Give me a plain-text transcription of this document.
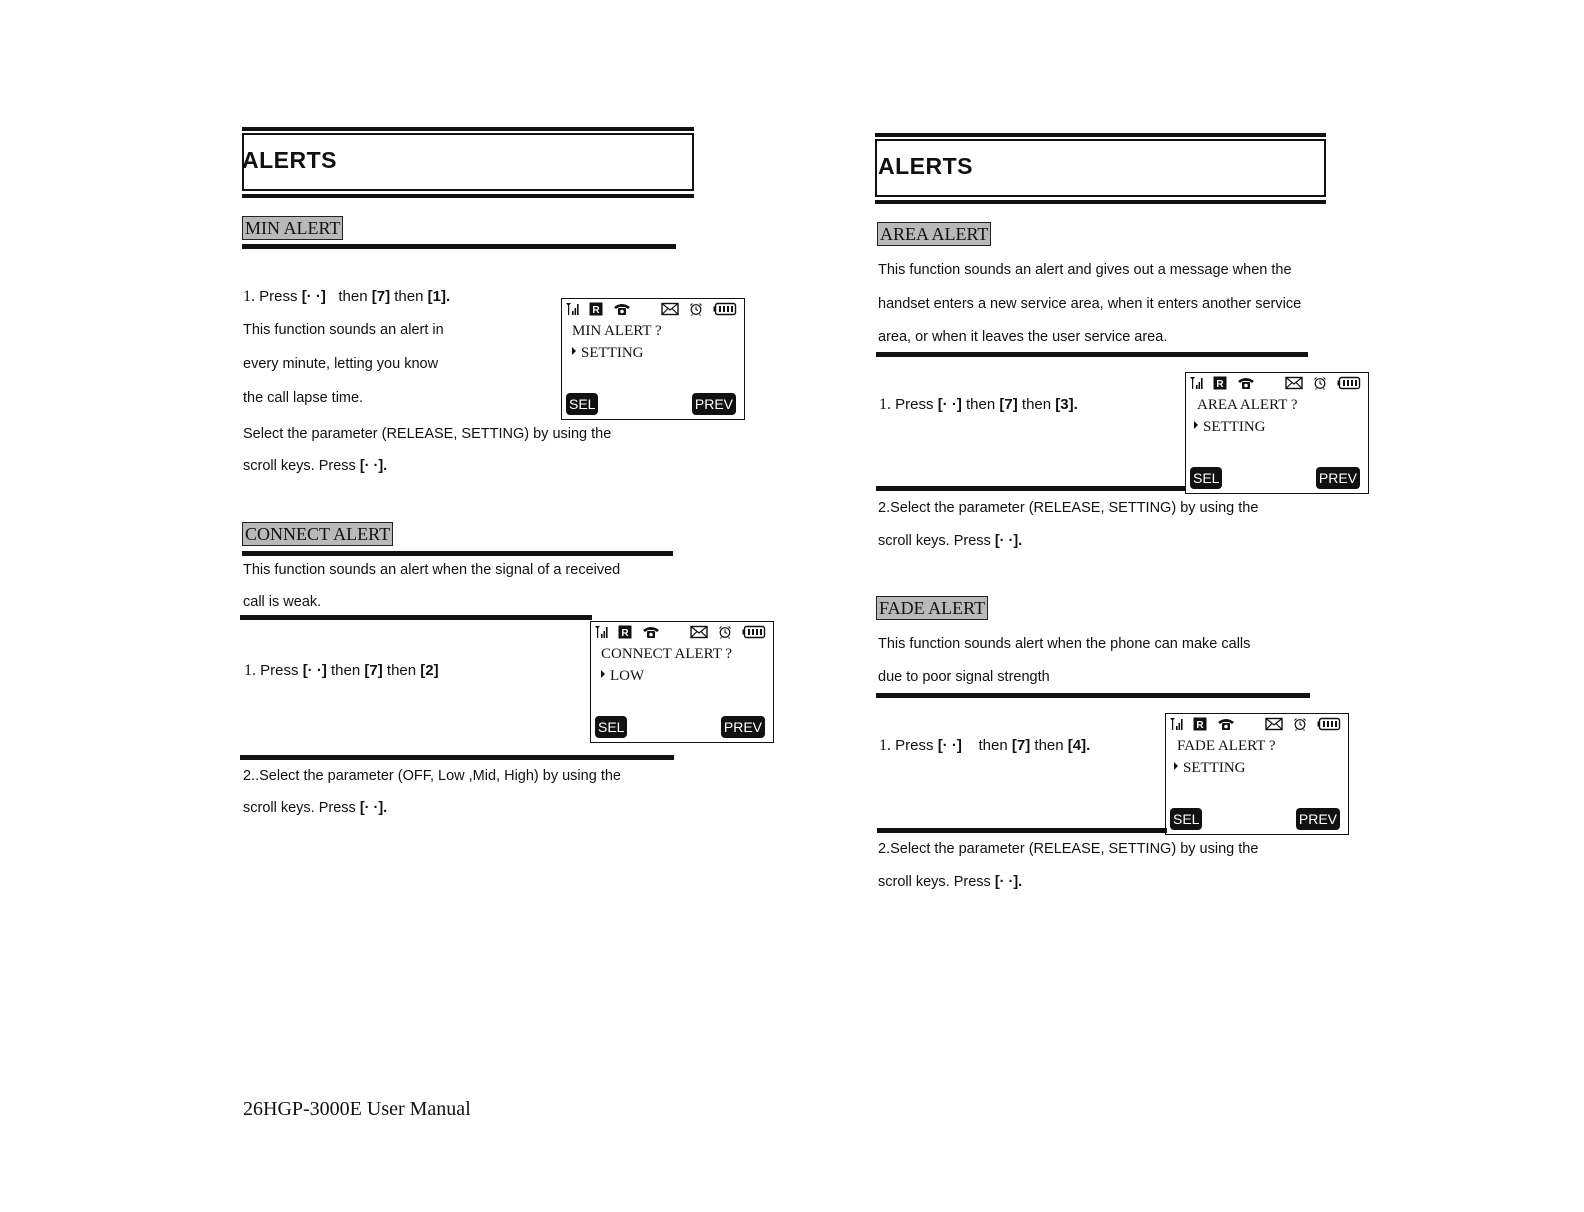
ALERTS
MIN ALERT
1. Press [· ·] then [7] then [1].
This function sounds an alert in
every minute, letting you know
the call lapse time.
Select the parameter (RELEASE, SETTING) by using the
scroll keys. Press [· ·].
MIN ALERT ?
SETTING
SEL	PREV
CONNECT ALERT
This function sounds an alert when the signal of a received
call is weak.
1. Press [· ·] then [7] then [2]
CONNECT ALERT ?
LOW
SEL	PREV
2..Select the parameter (OFF, Low ,Mid, High) by using the
scroll keys. Press [· ·].
26HGP-3000E User Manual
ALERTS
AREA ALERT
This function sounds an alert and gives out a message when the
handset enters a new service area, when it enters another service
area, or when it leaves the user service area.
1. Press [· ·] then [7] then [3].	AREA ALERT ?
SETTING
SEL	PREV
2.Select the parameter (RELEASE, SETTING) by using the
scroll keys. Press [· ·].
FADE ALERT
This function sounds alert when the phone can make calls
due to poor signal strength
1. Press [· ·] then [7] then [4].	FADE ALERT ?
SETTING
SEL	PREV
2.Select the parameter (RELEASE, SETTING) by using the
scroll keys. Press [· ·].
